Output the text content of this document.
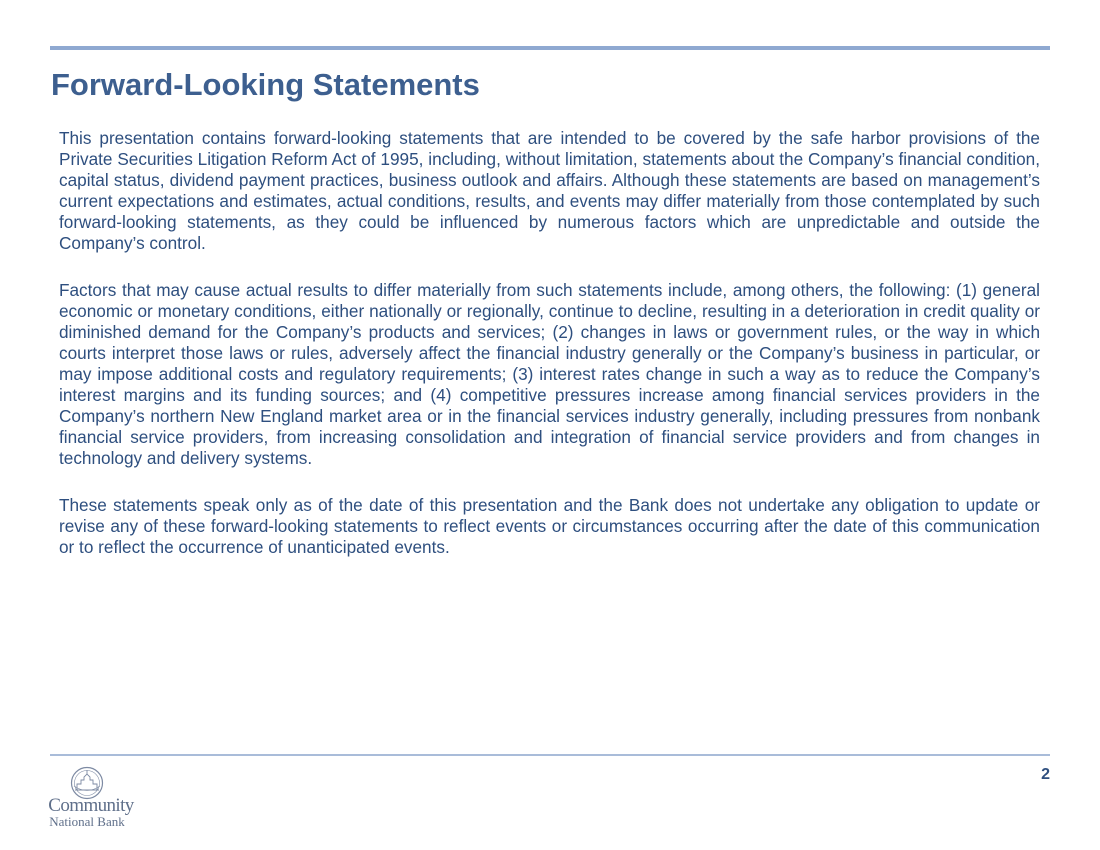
Forward-Looking Statements

This presentation contains forward-looking statements that are intended to be covered by the safe harbor provisions of the Private Securities Litigation Reform Act of 1995, including, without limitation, statements about the Company’s financial condition, capital status, dividend payment practices, business outlook and affairs. Although these statements are based on management’s current expectations and estimates, actual conditions, results, and events may differ materially from those contemplated by such forward-looking statements, as they could be influenced by numerous factors which are unpredictable and outside the Company’s control.

Factors that may cause actual results to differ materially from such statements include, among others, the following: (1) general economic or monetary conditions, either nationally or regionally, continue to decline, resulting in a deterioration in credit quality or diminished demand for the Company’s products and services; (2) changes in laws or government rules, or the way in which courts interpret those laws or rules, adversely affect the financial industry generally or the Company’s business in particular, or may impose additional costs and regulatory requirements; (3) interest rates change in such a way as to reduce the Company’s interest margins and its funding sources; and (4) competitive pressures increase among financial services providers in the Company’s northern New England market area or in the financial services industry generally, including pressures from nonbank financial service providers, from increasing consolidation and integration of financial service providers and from changes in technology and delivery systems.

These statements speak only as of the date of this presentation and the Bank does not undertake any obligation to update or revise any of these forward-looking statements to reflect events or circumstances occurring after the date of this communication or to reflect the occurrence of unanticipated events.

Community
National Bank
2
